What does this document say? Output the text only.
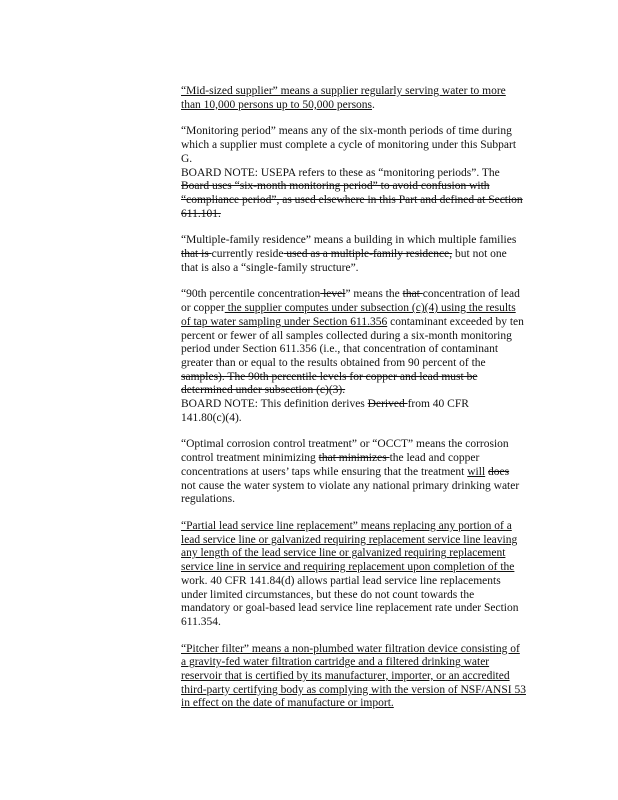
“Mid-sized supplier” means a supplier regularly serving water to more
than 10,000 persons up to 50,000 persons.
“Monitoring period” means any of the six-month periods of time during
which a supplier must complete a cycle of monitoring under this Subpart
G.
BOARD NOTE: USEPA refers to these as “monitoring periods”. The
Board uses “six-month monitoring period” to avoid confusion with
“compliance period”, as used elsewhere in this Part and defined at Section
611.101.
“Multiple-family residence” means a building in which multiple families
that is currently reside used as a multiple-family residence, but not one
that is also a “single-family structure”.
“90th percentile concentration level” means the that concentration of lead
or copper the supplier computes under subsection (c)(4) using the results
of tap water sampling under Section 611.356 contaminant exceeded by ten
percent or fewer of all samples collected during a six-month monitoring
period under Section 611.356 (i.e., that concentration of contaminant
greater than or equal to the results obtained from 90 percent of the
samples). The 90th percentile levels for copper and lead must be
determined under subsection (c)(3).
BOARD NOTE: This definition derives Derived from 40 CFR
141.80(c)(4).
“Optimal corrosion control treatment” or “OCCT” means the corrosion
control treatment minimizing that minimizes the lead and copper
concentrations at users’ taps while ensuring that the treatment will does
not cause the water system to violate any national primary drinking water
regulations.
“Partial lead service line replacement” means replacing any portion of a
lead service line or galvanized requiring replacement service line leaving
any length of the lead service line or galvanized requiring replacement
service line in service and requiring replacement upon completion of the
work. 40 CFR 141.84(d) allows partial lead service line replacements
under limited circumstances, but these do not count towards the
mandatory or goal-based lead service line replacement rate under Section
611.354.
“Pitcher filter” means a non-plumbed water filtration device consisting of
a gravity-fed water filtration cartridge and a filtered drinking water
reservoir that is certified by its manufacturer, importer, or an accredited
third-party certifying body as complying with the version of NSF/ANSI 53
in effect on the date of manufacture or import.
